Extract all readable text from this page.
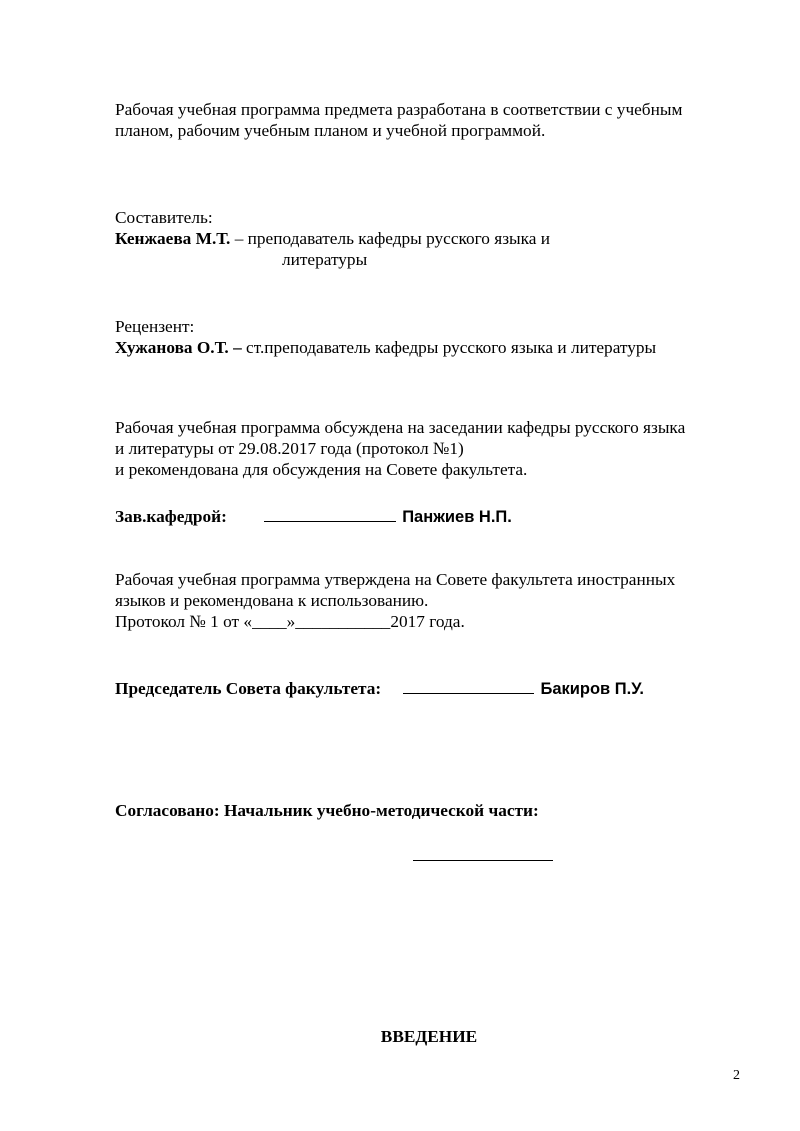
Рабочая учебная программа предмета разработана в соответствии с учебным
планом, рабочим учебным планом и учебной программой.
Составитель:
Кенжаева М.Т. – преподаватель кафедры русского языка и
литературы
Рецензент:
Хужанова О.Т. – ст.преподаватель кафедры русского языка и литературы
Рабочая учебная программа обсуждена на заседании кафедры русского языка
и литературы от 29.08.2017 года (протокол №1)
и рекомендована для обсуждения на Совете факультета.
Зав.кафедрой:	Панжиев Н.П.
Рабочая учебная программа утверждена на Совете факультета иностранных
языков и рекомендована к использованию.
Протокол № 1 от «____»___________2017 года.
Председатель Совета факультета:	Бакиров П.У.
Согласовано: Начальник учебно-методической части:
ВВЕДЕНИЕ
2
